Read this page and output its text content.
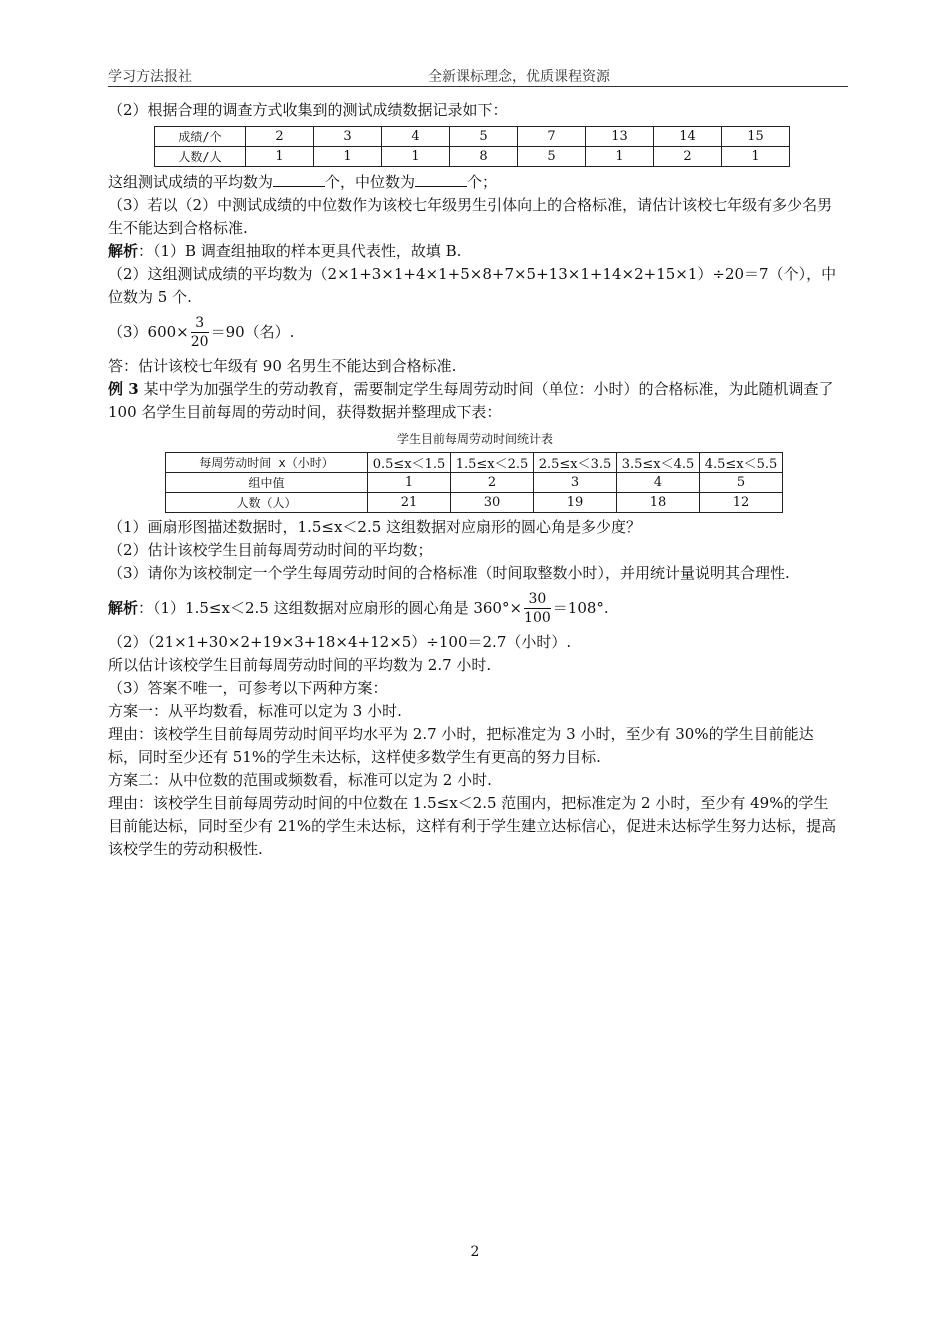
学习方法报社	全新课标理念，优质课程资源

（2）根据合理的调查方式收集到的测试成绩数据记录如下：

成绩/个	2	3	4	5	7	13	14	15
人数/人	1	1	1	8	5	1	2	1

这组测试成绩的平均数为	个，中位数为	个；

（3）若以（2）中测试成绩的中位数作为该校七年级男生引体向上的合格标准，请估计该校七年级有多少名男生不能达到合格标准.

解析：（1）B 调查组抽取的样本更具代表性，故填 B.

（2）这组测试成绩的平均数为（2×1+3×1+4×1+5×8+7×5+13×1+14×2+15×1）÷20＝7（个），中位数为 5 个.

$(3)600\times \frac{3}{20} =90$（名）.

答：估计该校七年级有 90 名男生不能达到合格标准.

例 3 某中学为加强学生的劳动教育，需要制定学生每周劳动时间（单位：小时）的合格标准，为此随机调查了 100 名学生目前每周的劳动时间，获得数据并整理成下表：

学生目前每周劳动时间统计表
每周劳动时间 x（小时）	0.5≤x＜1.5	1.5≤x＜2.5	2.5≤x＜3.5	3.5≤x＜4.5	4.5≤x＜5.5
组中值	1	2	3	4	5
人数（人）	21	30	19	18	12

（1）画扇形图描述数据时，1.5≤x＜2.5 这组数据对应扇形的圆心角是多少度？

（2）估计该校学生目前每周劳动时间的平均数；

（3）请你为该校制定一个学生每周劳动时间的合格标准（时间取整数小时），并用统计量说明其合理性.

解析：（1）1.5≤x＜2.5 这组数据对应扇形的圆心角是 $360^\circ\times \frac{30}{100} =108^\circ$.

（2）（21×1+30×2+19×3+18×4+12×5）÷100＝2.7（小时）.

所以估计该校学生目前每周劳动时间的平均数为 2.7 小时.

（3）答案不唯一，可参考以下两种方案：

方案一：从平均数看，标准可以定为 3 小时.

理由：该校学生目前每周劳动时间平均水平为 2.7 小时，把标准定为 3 小时，至少有 30%的学生目前能达标，同时至少还有 51%的学生未达标，这样使多数学生有更高的努力目标.

方案二：从中位数的范围或频数看，标准可以定为 2 小时.

理由：该校学生目前每周劳动时间的中位数在 1.5≤x＜2.5 范围内，把标准定为 2 小时，至少有 49%的学生目前能达标，同时至少有 21%的学生未达标，这样有利于学生建立达标信心，促进未达标学生努力达标，提高该校学生的劳动积极性.

2
